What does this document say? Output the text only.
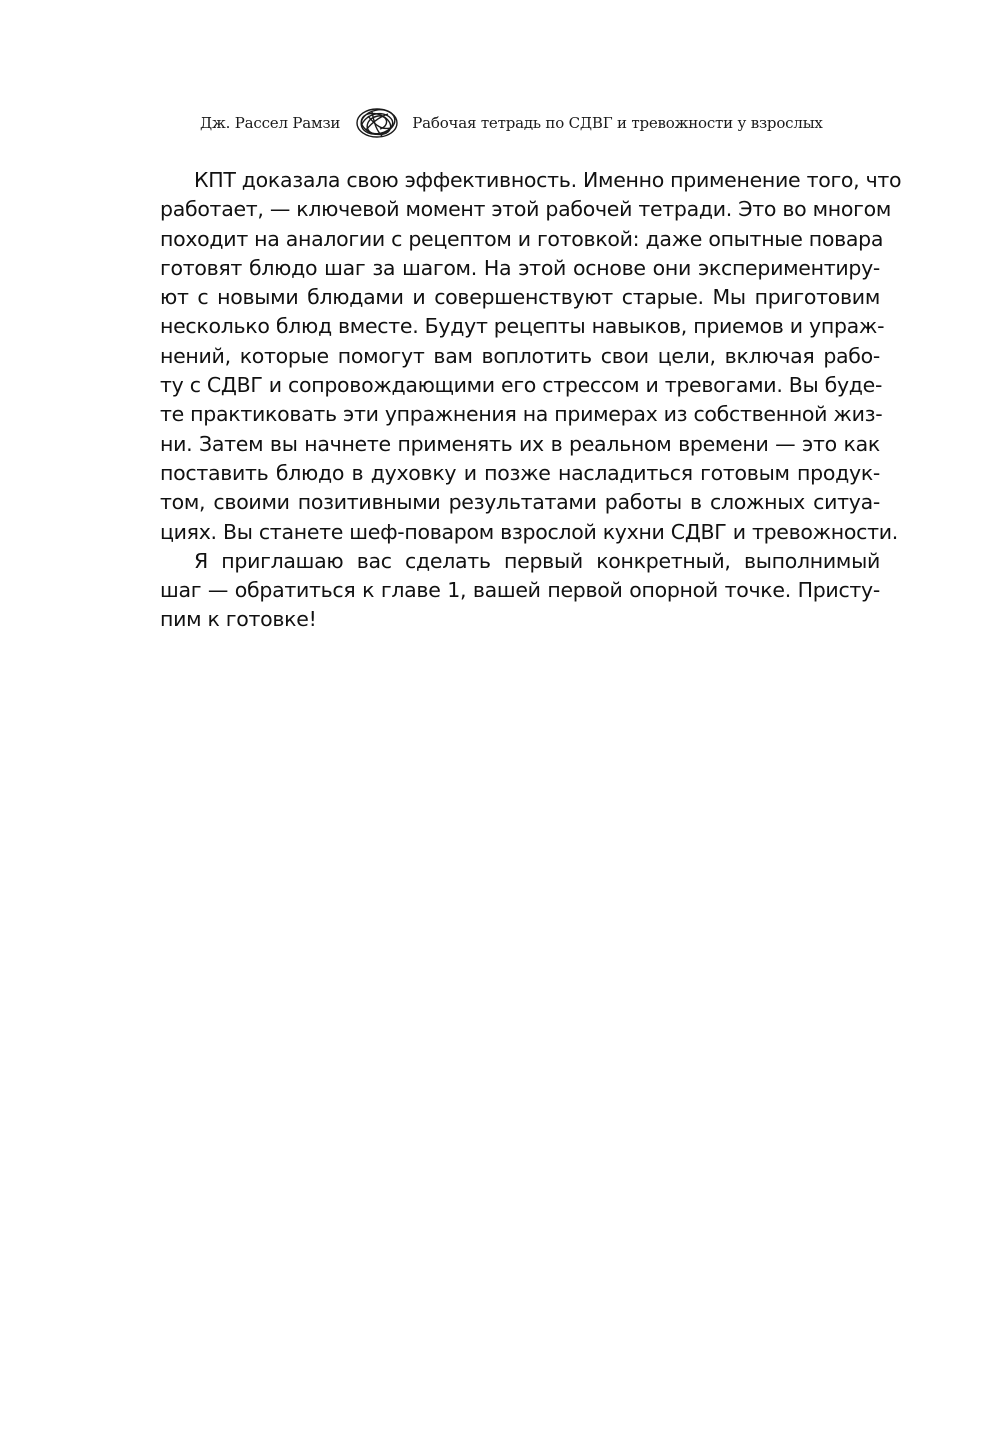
Дж. Рассел Рамзи	Рабочая тетрадь по СДВГ и тревожности у взрослых
КПТ доказала свою эффективность. Именно применение того, что
работает, — ключевой момент этой рабочей тетради. Это во многом
походит на аналогии с рецептом и готовкой: даже опытные повара
готовят блюдо шаг за шагом. На этой основе они экспериментиру-
ют с новыми блюдами и совершенствуют старые. Мы приготовим
несколько блюд вместе. Будут рецепты навыков, приемов и упраж-
нений, которые помогут вам воплотить свои цели, включая рабо-
ту с СДВГ и сопровождающими его стрессом и тревогами. Вы буде-
те практиковать эти упражнения на примерах из собственной жиз-
ни. Затем вы начнете применять их в реальном времени — это как
поставить блюдо в духовку и позже насладиться готовым продук-
том, своими позитивными результатами работы в сложных ситуа-
циях. Вы станете шеф-поваром взрослой кухни СДВГ и тревожности.
Я приглашаю вас сделать первый конкретный, выполнимый
шаг — обратиться к главе 1, вашей первой опорной точке. Присту-
пим к готовке!
